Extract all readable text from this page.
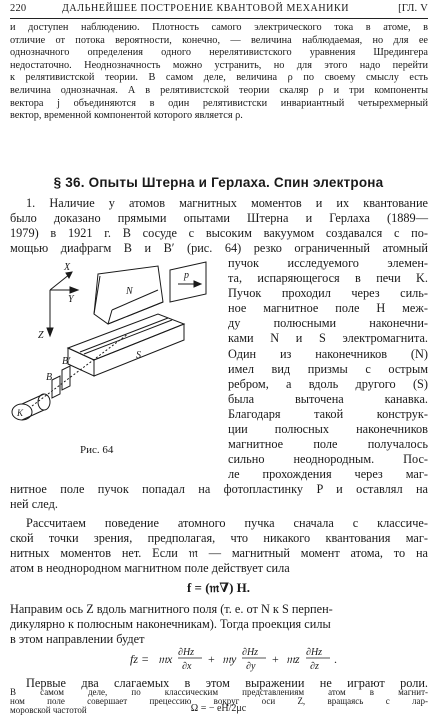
220	ДАЛЬНЕЙШЕЕ ПОСТРОЕНИЕ КВАНТОВОЙ МЕХАНИКИ	[ГЛ. V
и доступен наблюдению. Плотность самого электрического тока в атоме, в
отличие от потока вероятности, конечно, — величина наблюдаемая, но для ее
однозначного определения одного нерелятивистского уравнения Шредингера
недостаточно. Неоднозначность можно устранить, но для этого надо перейти
к релятивистской теории. В самом деле, величина ρ по своему смыслу есть
величина однозначная. А в релятивистской теории скаляр ρ и три компоненты
вектора j объединяются в один релятивистски инвариантный четырехмерный
вектор, временной компонентой которого является ρ.
§ 36. Опыты Штерна и Герлаха. Спин электрона
1. Наличие у атомов магнитных моментов и их квантование
было доказано прямыми опытами Штерна и Герлаха (1889—
1979) в 1921 г. В сосуде с высоким вакуумом создавался с по-
мощью диафрагм B и B′ (рис. 64) резко ограниченный атомный
пучок исследуемого элемен-
та, испаряющегося в печи K.
Пучок проходил через силь-
ное магнитное поле H меж-
ду полюсными наконечни-
ками N и S электромагнита.
Один из наконечников (N)
имел вид призмы с острым
ребром, а вдоль другого (S)
была выточена канавка.
Благодаря такой конструк-
ции полюсных наконечников
магнитное поле получалось
сильно неоднородным. Пос-
ле прохождения через маг-
нитное поле пучок попадал на фотопластинку P и оставлял на
ней след.
X
Y
Z
N
S
p
B
B′
K
Рис. 64
Рассчитаем поведение атомного пучка сначала с классиче-
ской точки зрения, предполагая, что никакого квантования маг-
нитных моментов нет. Если 𝔪 — магнитный момент атома, то на
атом в неоднородном магнитном поле действует сила
f = (𝔪∇) H.
Направим ось Z вдоль магнитного поля (т. е. от N к S перпен-
дикулярно к полюсным наконечникам). Тогда проекция силы
в этом направлении будет
fz = 𝔪x ∂Hz
∂x
+ 𝔪y ∂Hz
∂y
+ 𝔪z ∂Hz
∂z
.
Первые два слагаемых в этом выражении не играют роли.
В самом деле, по классическим представлениям атом в магнит-
ном поле совершает прецессию вокруг оси Z, вращаясь с лар-
моровской частотой	Ω = − eH/2μc
